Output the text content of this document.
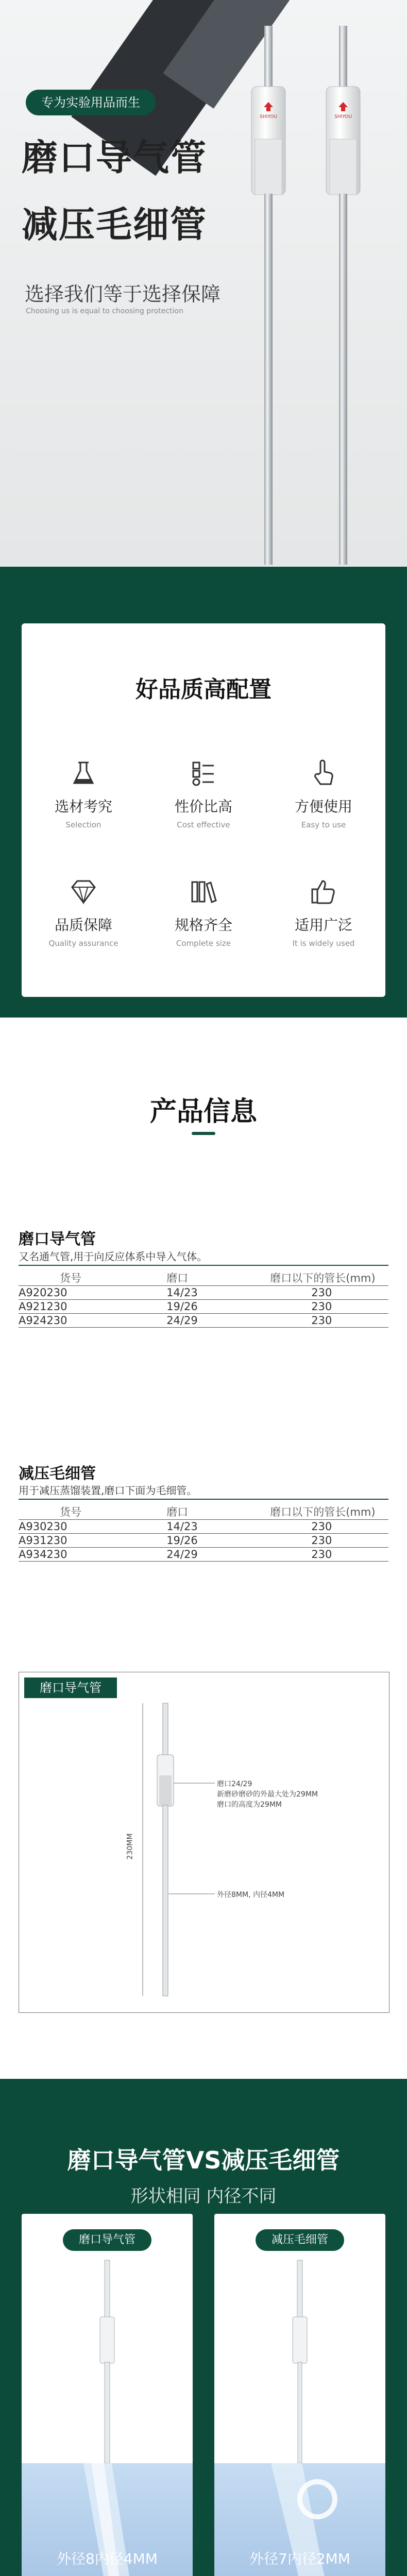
SHIYOU	SHIYOU
专为实验用品而生
磨口导气管
减压毛细管
选择我们等于选择保障
Choosing us is equal to choosing protection
好品质高配置
选材考究
Selection
性价比高
Cost effective
方便使用
Easy to use
品质保障
Quality assurance
规格齐全
Complete size
适用广泛
It is widely used
产品信息
磨口导气管
又名通气管,用于向反应体系中导入气体。
货号	磨口	磨口以下的管长(mm)
A920230	14/23	230
A921230	19/26	230
A924230	24/29	230
减压毛细管
用于减压蒸馏装置,磨口下面为毛细管。
货号	磨口	磨口以下的管长(mm)
A930230	14/23	230
A931230	19/26	230
A934230	24/29	230
磨口导气管
磨口24/29
新磨砂磨砂的外最大处为29MM
磨口的高度为29MM
外径8MM, 内径4MM
230MM
磨口导气管VS减压毛细管
形状相同 内径不同
磨口导气管
外径8内径4MM
减压毛细管
外径7内径2MM
